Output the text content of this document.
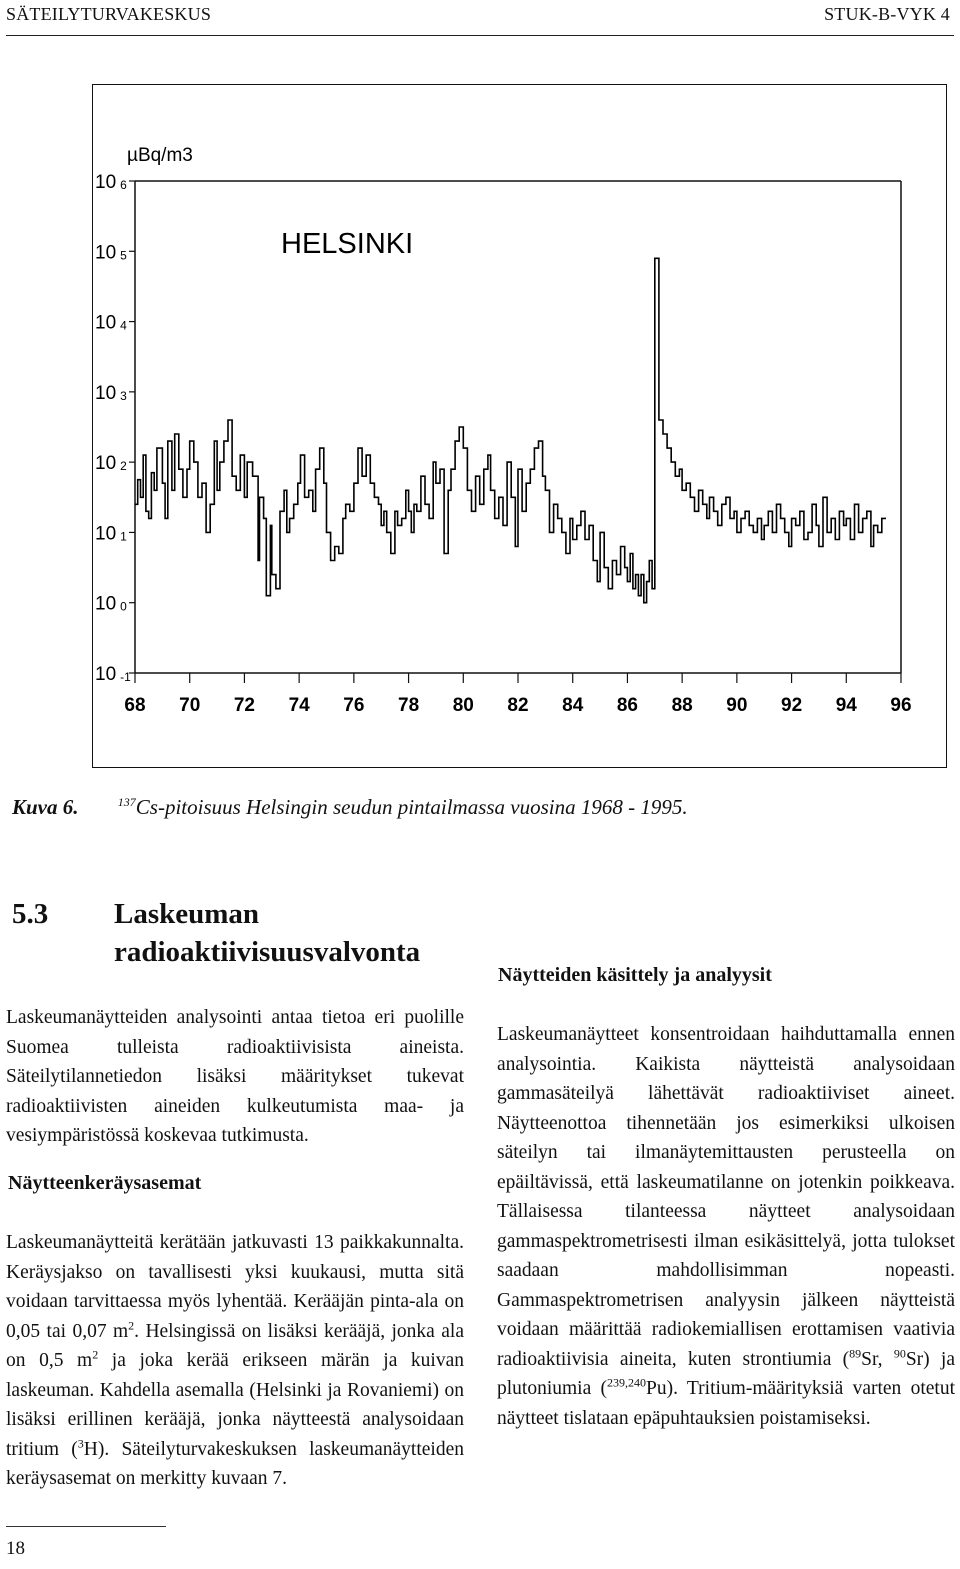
SÄTEILYTURVAKESKUS	STUK-B-VYK 4
µBq/m3
HELSINKI
10 6
10 5
10 4
10 3
10 2
10 1
10 0
10 -1
68 70 72 74 76 78 80 82 84 86 88 90 92 94 96
Kuva 6.	$^{137}$Cs-pitoisuus Helsingin seudun pintailmassa vuosina 1968 - 1995.
5.3 Laskeuman radioaktiivisuusvalvonta

Laskeumanäytteiden analysointi antaa tietoa eri puolille Suomea tulleista radioaktiivisista aineista. Säteilytilannetiedon lisäksi määritykset tukevat radioaktiivisten aineiden kulkeutumista maa- ja vesiympäristössä koskevaa tutkimusta.

Näytteenkeräysasemat

Laskeumanäytteitä kerätään jatkuvasti 13 paikkakunnalta. Keräysjakso on tavallisesti yksi kuukausi, mutta sitä voidaan tarvittaessa myös lyhentää. Kerääjän pinta-ala on 0,05 tai 0,07 $m^2$. Helsingissä on lisäksi kerääjä, jonka ala on 0,5 $m^2$ ja joka kerää erikseen märän ja kuivan laskeuman. Kahdella asemalla (Helsinki ja Rovaniemi) on lisäksi erillinen kerääjä, jonka näytteestä analysoidaan tritium ($^3$H). Säteilyturvakeskuksen laskeumanäytteiden keräysasemat on merkitty kuvaan 7.

Näytteiden käsittely ja analyysit

Laskeumanäytteet konsentroidaan haihduttamalla ennen analysointia. Kaikista näytteistä analysoidaan gammasäteilyä lähettävät radioaktiiviset aineet. Näytteenottoa tihennetään jos esimerkiksi ulkoisen säteilyn tai ilmanäytemittausten perusteella on epäiltävissä, että laskeumatilanne on jotenkin poikkeava. Tällaisessa tilanteessa näytteet analysoidaan gammaspektrometrisesti ilman esikäsittelyä, jotta tulokset saadaan mahdollisimman nopeasti. Gammaspektrometrisen analyysin jälkeen näytteistä voidaan määrittää radiokemiallisen erottamisen vaativia radioaktiivisia aineita, kuten strontiumia ($^{89}$Sr, $^{90}$Sr) ja plutoniumia ($^{239,240}$Pu). Tritium-määrityksiä varten otetut näytteet tislataan epäpuhtauksien poistamiseksi.

18
